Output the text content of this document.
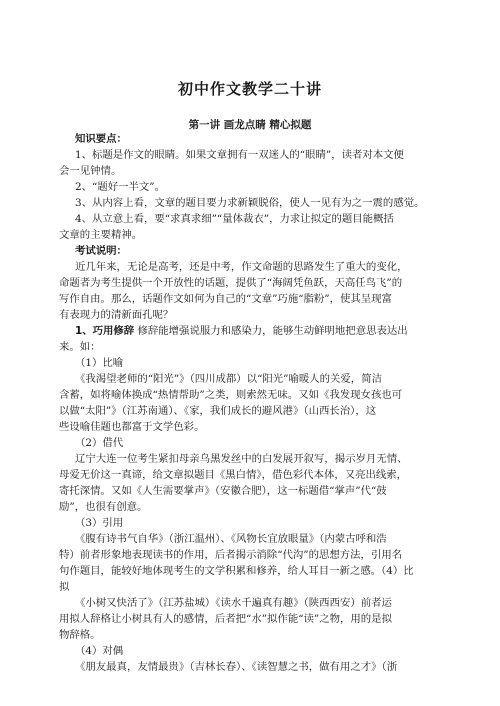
初中作文教学二十讲
第一讲 画龙点睛 精心拟题
知识要点：
1、标题是作文的眼睛。如果文章拥有一双迷人的“眼睛”，读者对本文便
会一见钟情。
2、“题好一半文”。
3、从内容上看，文章的题目要力求新颖脱俗，使人一见有为之一震的感觉。
4、从立意上看，要“求真求细”“量体裁衣”，力求让拟定的题目能概括
文章的主要精神。
考试说明：
近几年来，无论是高考，还是中考，作文命题的思路发生了重大的变化，
命题者为考生提供一个开放性的话题，提供了“海阔凭鱼跃，天高任鸟飞”的
写作自由。那么，话题作文如何为自己的“文章”巧施“脂粉”，使其呈现富
有表现力的清新面孔呢？
1、巧用修辞 修辞能增强说服力和感染力，能够生动鲜明地把意思表达出
来。如：
（1）比喻
《我渴望老师的“阳光”》（四川成都）以“阳光”喻暖人的关爱，简洁
含蓄，如将喻体换成“热情帮助”之类，则索然无味。又如《我发现女孩也可
以做“太阳”》（江苏南通）、《家，我们成长的避风港》（山西长治），这
些设喻佳题也都富于文学色彩。
（2）借代
辽宁大连一位考生紧扣母亲乌黑发丝中的白发展开叙写，揭示岁月无情、
母爱无价这一真谛，给文章拟题目《黑白情》，借色彩代本体，又亮出线索，
寄托深情。又如《人生需要掌声》（安徽合肥），这一标题借“掌声”代“鼓
励”，也很有创意。
（3）引用
《腹有诗书气自华》（浙江温州）、《风物长宜放眼量》（内蒙古呼和浩
特）前者形象地表现读书的作用，后者揭示消除“代沟”的思想方法，引用名
句作题目，能较好地体现考生的文学积累和修养，给人耳目一新之感。（4）比
拟
《小树又快活了》（江苏盐城）《读水千遍真有趣》（陕西西安）前者运
用拟人辞格让小树具有人的感情，后者把“水”拟作能“读”之物，用的是拟
物辞格。
（4）对偶
《朋友最真，友情最贵》（吉林长春）、《读智慧之书，做有用之才》（浙
